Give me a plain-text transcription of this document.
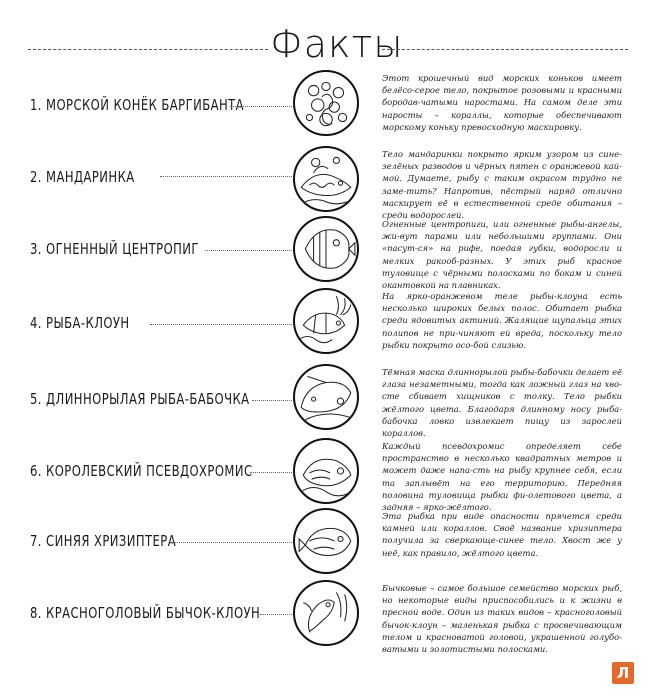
Факты
1. МОРСКОЙ КОНЁК БАРГИБАНТА
Этот крошечный вид морских коньков имеет белёсо-серое тело, покрытое розовыми и красными бородав-чатыми наростами. На самом деле эти наросты – кораллы, которые обеспечивают морскому коньку превосходную маскировку.
2. МАНДАРИНКА
Тело мандаринки покрыто ярким узором из сине-зелёных разводов и чёрных пятен с оранжевой кай-мой. Думаете, рыбу с таким окрасом трудно не заме-тить? Напротив, пёстрый наряд отлично маскирует её в естественной среде обитания – среди водорослей.
3. ОГНЕННЫЙ ЦЕНТРОПИГ
Огненные центропиги, или огненные рыбы-ангелы, жи-вут парами или небольшими группами. Они «пасут-ся» на рифе, поедая губки, водоросли и мелких ракооб-разных. У этих рыб красное туловище с чёрными полосками по бокам и синей окантовкой на плавниках.
4. РЫБА-КЛОУН
На ярко-оранжевом теле рыбы-клоуна есть несколько широких белых полос. Обитает рыбка среди ядовитых актиний. Жалящие щупальца этих полипов не при-чиняют ей вреда, поскольку тело рыбки покрыто осо-бой слизью.
5. ДЛИННОРЫЛАЯ РЫБА-БАБОЧКА
Тёмная маска длиннорылой рыбы-бабочки делает её глаза незаметными, тогда как ложный глаз на хво-сте сбивает хищников с толку. Тело рыбки жёлтого цвета. Благодаря длинному носу рыба-бабочка ловко извлекает пищу из зарослей кораллов.
6. КОРОЛЕВСКИЙ ПСЕВДОХРОМИС
Каждый псевдохромис определяет себе пространство в несколько квадратных метров и может даже напа-сть на рыбу крупнее себя, если та заплывёт на его территорию. Передняя половина туловища рыбки фи-олетового цвета, а задняя – ярко-жёлтого.
7. СИНЯЯ ХРИЗИПТЕРА
Эта рыбка при виде опасности прячется среди камней или кораллов. Своё название хризиптера получила за сверкающе-синее тело. Хвост же у неё, как правило, жёлтого цвета.
8. КРАСНОГОЛОВЫЙ БЫЧОК-КЛОУН
Бычковые – самое большое семейство морских рыб, но некоторые виды приспособились и к жизни в пресной воде. Один из таких видов – красноголовый бычок-клоун – маленькая рыбка с просвечивающим телом и красноватой головой, украшенной голубо-ватыми и золотистыми полосками.
Л
